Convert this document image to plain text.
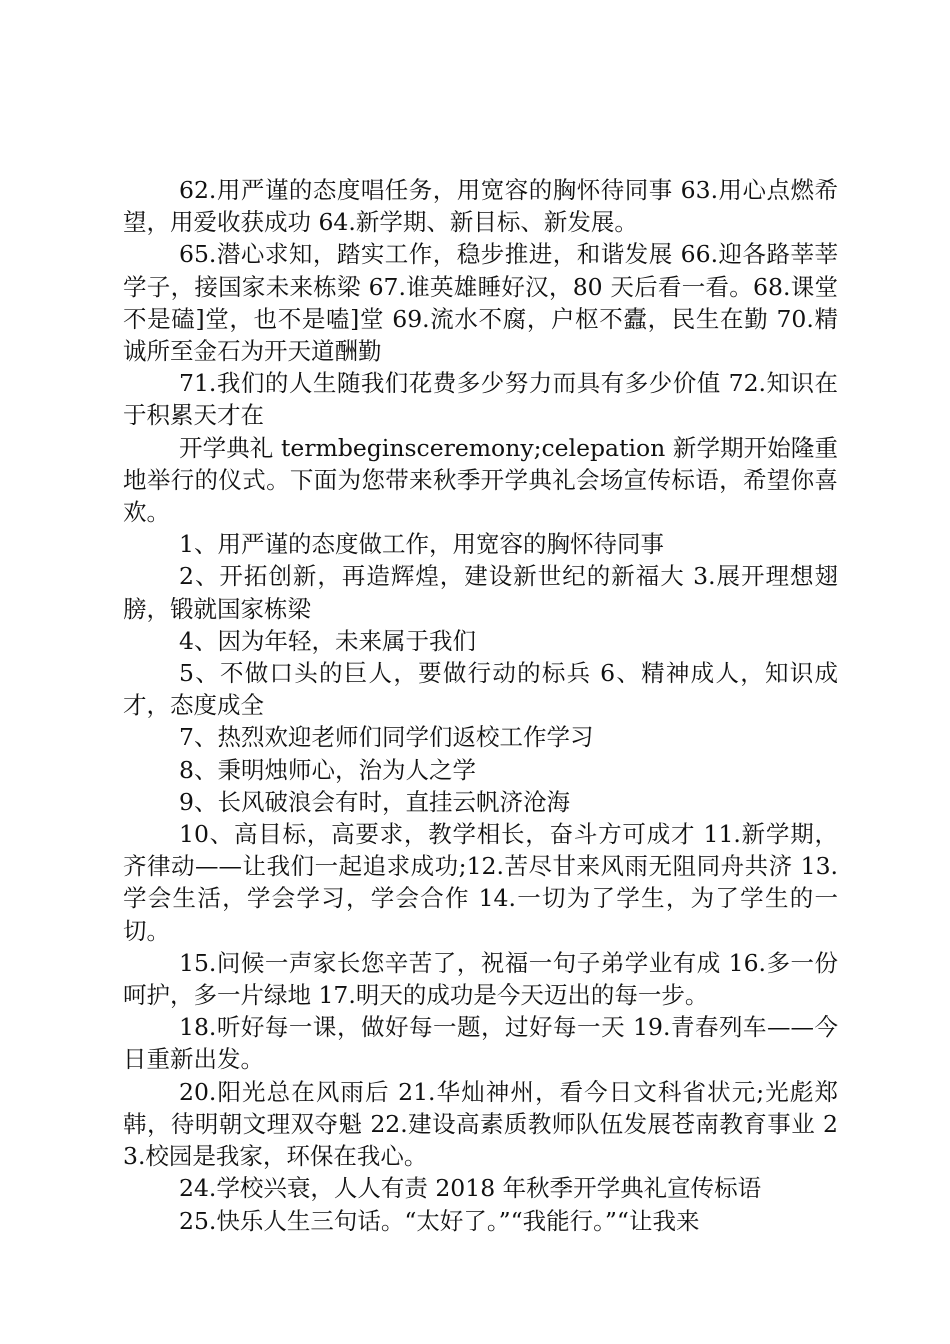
62.用严谨的态度唱任务，用宽容的胸怀待同事 63.用心点燃希望，用爱收获成功 64.新学期、新目标、新发展。

65.潜心求知，踏实工作，稳步推进，和谐发展 66.迎各路莘莘学子，接国家未来栋梁 67.谁英雄睡好汉，80 天后看一看。68.课堂不是磕]堂，也不是嗑]堂 69.流水不腐，户枢不蠹，民生在勤 70.精诚所至金石为开天道酬勤

71.我们的人生随我们花费多少努力而具有多少价值 72.知识在于积累天才在

开学典礼 termbeginsceremony;celepation 新学期开始隆重地举行的仪式。下面为您带来秋季开学典礼会场宣传标语，希望你喜欢。

1、用严谨的态度做工作，用宽容的胸怀待同事

2、开拓创新，再造辉煌，建设新世纪的新福大 3.展开理想翅膀，锻就国家栋梁

4、因为年轻，未来属于我们

5、不做口头的巨人，要做行动的标兵 6、精神成人，知识成才，态度成全

7、热烈欢迎老师们同学们返校工作学习

8、秉明烛师心，治为人之学

9、长风破浪会有时，直挂云帆济沧海

10、高目标，高要求，教学相长，奋斗方可成才 11.新学期，齐律动——让我们一起追求成功;12.苦尽甘来风雨无阻同舟共济 13.学会生活，学会学习，学会合作 14.一切为了学生，为了学生的一切。

15.问候一声家长您辛苦了，祝福一句子弟学业有成 16.多一份呵护，多一片绿地 17.明天的成功是今天迈出的每一步。

18.听好每一课，做好每一题，过好每一天 19.青春列车——今日重新出发。

20.阳光总在风雨后 21.华灿神州，看今日文科省状元;光彪郑韩，待明朝文理双夺魁 22.建设高素质教师队伍发展苍南教育事业 23.校园是我家，环保在我心。

24.学校兴衰，人人有责 2018 年秋季开学典礼宣传标语

25.快乐人生三句话。“太好了。”“我能行。”“让我来
